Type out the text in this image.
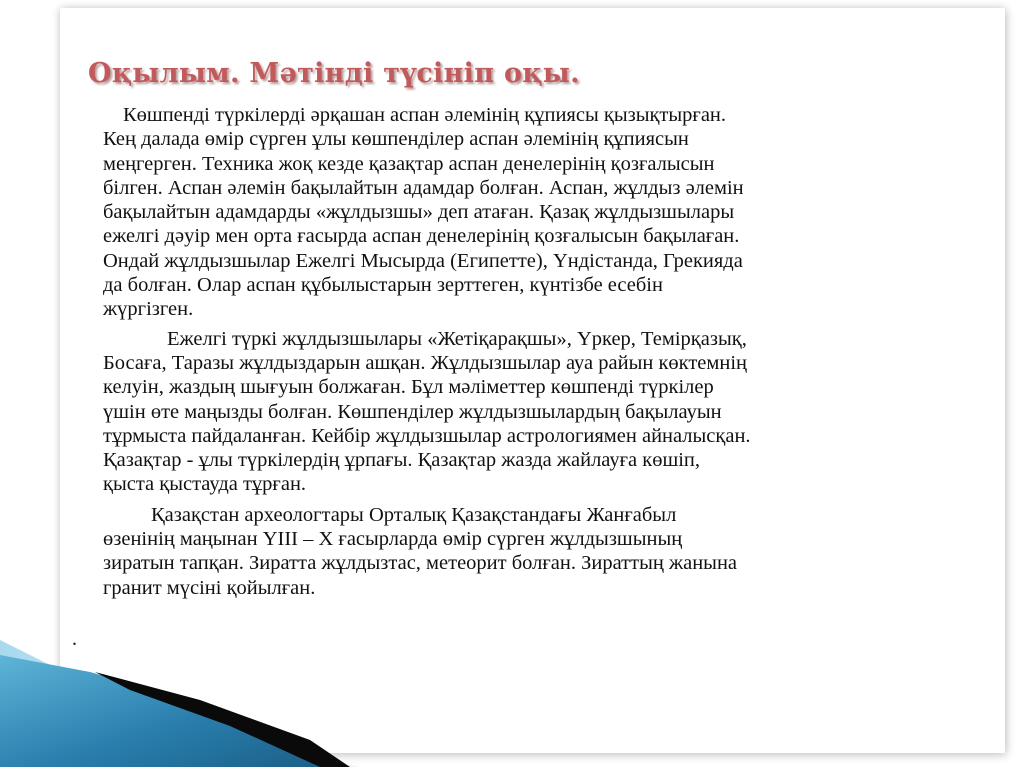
Оқылым. Мәтінді түсініп оқы.

Көшпенді түркілерді әрқашан аспан әлемінің құпиясы қызықтырған.
Кең далада өмір сүрген ұлы көшпенділер аспан әлемінің құпиясын
меңгерген. Техника жоқ кезде қазақтар аспан денелерінің қозғалысын
білген. Аспан әлемін бақылайтын адамдар болған. Аспан, жұлдыз әлемін
бақылайтын адамдарды «жұлдызшы» деп атаған. Қазақ жұлдызшылары
ежелгі дәуір мен орта ғасырда аспан денелерінің қозғалысын бақылаған.
Ондай жұлдызшылар Ежелгі Мысырда (Египетте), Үндістанда, Грекияда
да болған. Олар аспан құбылыстарын зерттеген, күнтізбе есебін
жүргізген.

Ежелгі түркі жұлдызшылары «Жетіқарақшы», Үркер, Темірқазық,
Босаға, Таразы жұлдыздарын ашқан. Жұлдызшылар ауа райын көктемнің
келуін, жаздың шығуын болжаған. Бұл мәліметтер көшпенді түркілер
үшін өте маңызды болған. Көшпенділер жұлдызшылардың бақылауын
тұрмыста пайдаланған. Кейбір жұлдызшылар астрологиямен айналысқан.
Қазақтар - ұлы түркілердің ұрпағы. Қазақтар жазда жайлауға көшіп,
қыста қыстауда тұрған.

Қазақстан археологтары Орталық Қазақстандағы Жанғабыл
өзенінің маңынан YIII – Х ғасырларда өмір сүрген жұлдызшының
зиратын тапқан. Зиратта жұлдызтас, метеорит болған. Зираттың жанына
гранит мүсіні қойылған.

.
